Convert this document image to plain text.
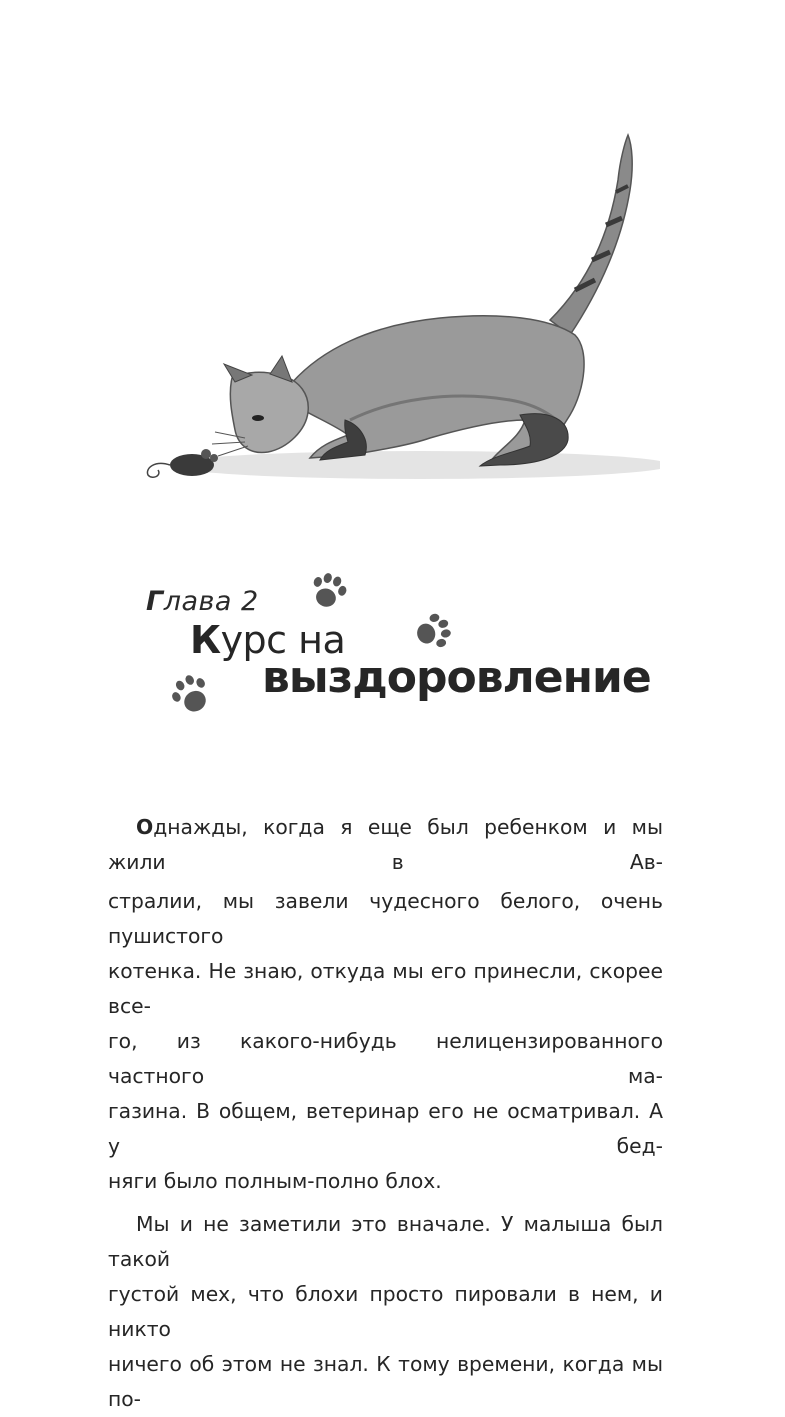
Глава 2
Курс на
выздоровление

Однажды, когда я еще был ребенком и мы жили в Ав-

стралии, мы завели чудесного белого, очень пушистого
котенка. Не знаю, откуда мы его принесли, скорее все-
го, из какого-нибудь нелицензированного частного ма-
газина. В общем, ветеринар его не осматривал. А у бед-
няги было полным-полно блох.
Мы и не заметили это вначале. У малыша был такой
густой мех, что блохи просто пировали в нем, и никто
ничего об этом не знал. К тому времени, когда мы по-
